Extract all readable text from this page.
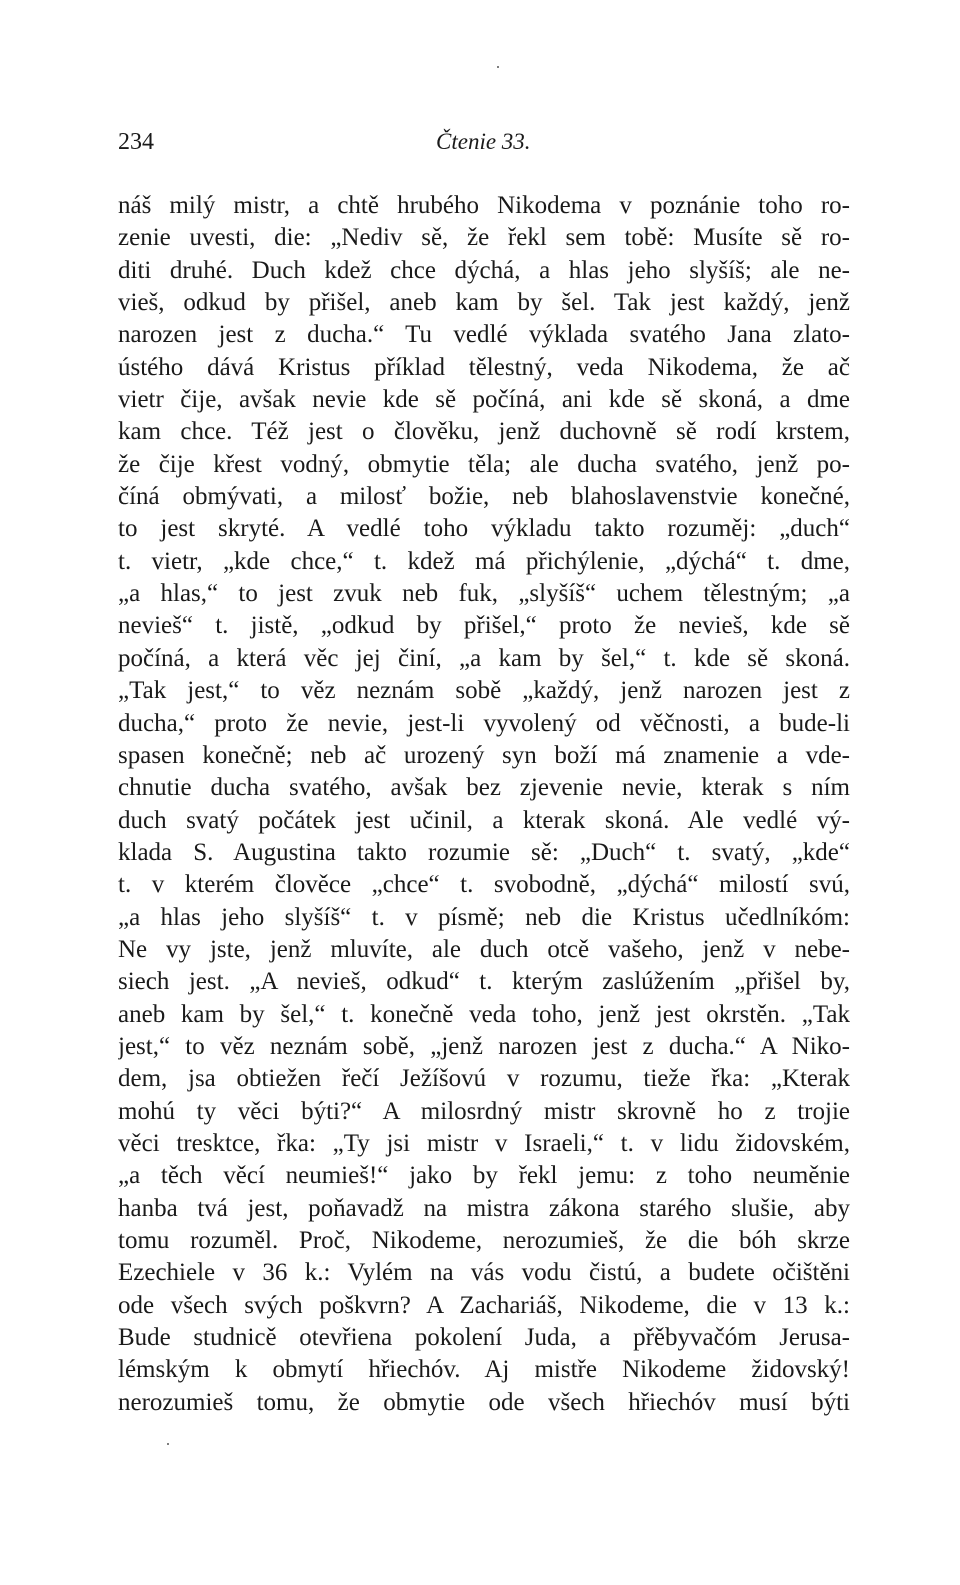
234	Čtenie 33.
náš milý mistr, a chtě hrubého Nikodema v poznánie toho ro-
zenie uvesti, die: „Nediv sě, že řekl sem tobě: Musíte sě ro-
diti druhé. Duch kdež chce dýchá, a hlas jeho slyšíš; ale ne-
vieš, odkud by přišel, aneb kam by šel. Tak jest každý, jenž
narozen jest z ducha.“ Tu vedlé výklada svatého Jana zlato-
ústého dává Kristus příklad tělestný, veda Nikodema, že ač
vietr čije, avšak nevie kde sě počíná, ani kde sě skoná, a dme
kam chce. Též jest o člověku, jenž duchovně sě rodí krstem,
že čije křest vodný, obmytie těla; ale ducha svatého, jenž po-
číná obmývati, a milosť božie, neb blahoslavenstvie konečné,
to jest skryté. A vedlé toho výkladu takto rozuměj: „duch“
t. vietr, „kde chce,“ t. kdež má přichýlenie, „dýchá“ t. dme,
„a hlas,“ to jest zvuk neb fuk, „slyšíš“ uchem tělestným; „a
nevieš“ t. jistě, „odkud by přišel,“ proto že nevieš, kde sě
počíná, a která věc jej činí, „a kam by šel,“ t. kde sě skoná.
„Tak jest,“ to věz neznám sobě „každý, jenž narozen jest z
ducha,“ proto že nevie, jest-li vyvolený od věčnosti, a bude-li
spasen konečně; neb ač urozený syn boží má znamenie a vde-
chnutie ducha svatého, avšak bez zjevenie nevie, kterak s ním
duch svatý počátek jest učinil, a kterak skoná. Ale vedlé vý-
klada S. Augustina takto rozumie sě: „Duch“ t. svatý, „kde“
t. v kterém člověce „chce“ t. svobodně, „dýchá“ milostí svú,
„a hlas jeho slyšíš“ t. v písmě; neb die Kristus učedlníkóm:
Ne vy jste, jenž mluvíte, ale duch otcě vašeho, jenž v nebe-
siech jest. „A nevieš, odkud“ t. kterým zaslúžením „přišel by,
aneb kam by šel,“ t. konečně veda toho, jenž jest okrstěn. „Tak
jest,“ to věz neznám sobě, „jenž narozen jest z ducha.“ A Niko-
dem, jsa obtiežen řečí Ježíšovú v rozumu, tieže řka: „Kterak
mohú ty věci býti?“ A milosrdný mistr skrovně ho z trojie
věci tresktce, řka: „Ty jsi mistr v Israeli,“ t. v lidu židovském,
„a těch věcí neumieš!“ jako by řekl jemu: z toho neuměnie
hanba tvá jest, poňavadž na mistra zákona starého slušie, aby
tomu rozuměl. Proč, Nikodeme, nerozumieš, že die bóh skrze
Ezechiele v 36 k.: Vylém na vás vodu čistú, a budete očištěni
ode všech svých poškvrn? A Zachariáš, Nikodeme, die v 13 k.:
Bude studnicě otevřiena pokolení Juda, a přěbyvačóm Jerusa-
lémským k obmytí hřiechóv. Aj mistře Nikodeme židovský!
nerozumieš tomu, že obmytie ode všech hřiechóv musí býti
